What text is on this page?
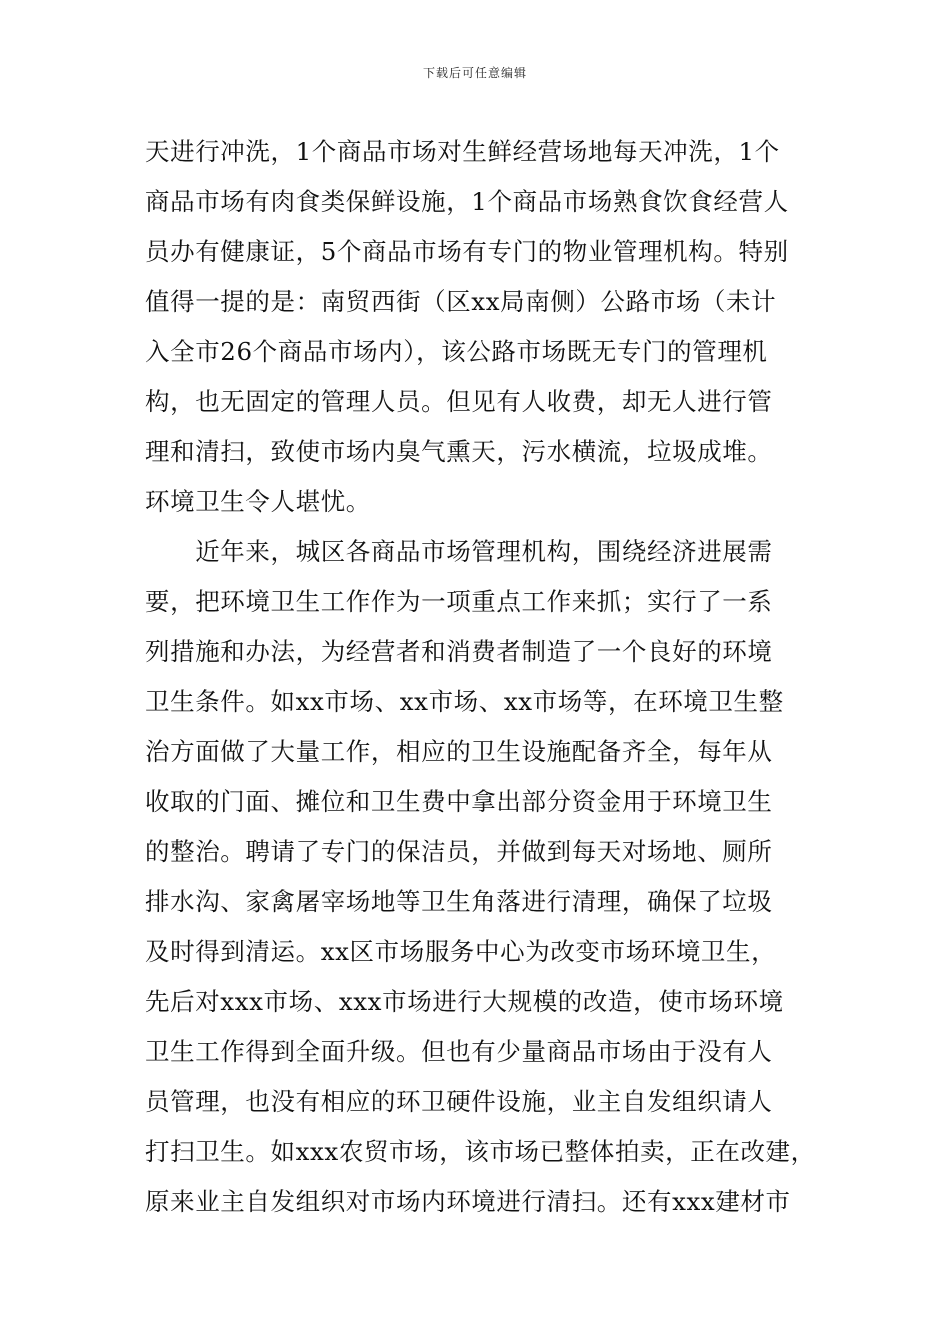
下载后可任意编辑
天进行冲洗，1个商品市场对生鲜经营场地每天冲洗，1个
商品市场有肉食类保鲜设施，1个商品市场熟食饮食经营人
员办有健康证，5个商品市场有专门的物业管理机构。特别
值得一提的是：南贸西街（区xx局南侧）公路市场（未计
入全市26个商品市场内），该公路市场既无专门的管理机
构，也无固定的管理人员。但见有人收费，却无人进行管
理和清扫，致使市场内臭气熏天，污水横流，垃圾成堆。
环境卫生令人堪忧。
　　近年来，城区各商品市场管理机构，围绕经济进展需
要，把环境卫生工作作为一项重点工作来抓；实行了一系
列措施和办法，为经营者和消费者制造了一个良好的环境
卫生条件。如xx市场、xx市场、xx市场等，在环境卫生整
治方面做了大量工作，相应的卫生设施配备齐全，每年从
收取的门面、摊位和卫生费中拿出部分资金用于环境卫生
的整治。聘请了专门的保洁员，并做到每天对场地、厕所
排水沟、家禽屠宰场地等卫生角落进行清理，确保了垃圾
及时得到清运。xx区市场服务中心为改变市场环境卫生，
先后对xxx市场、xxx市场进行大规模的改造，使市场环境
卫生工作得到全面升级。但也有少量商品市场由于没有人
员管理，也没有相应的环卫硬件设施，业主自发组织请人
打扫卫生。如xxx农贸市场，该市场已整体拍卖，正在改建，
原来业主自发组织对市场内环境进行清扫。还有xxx建材市
